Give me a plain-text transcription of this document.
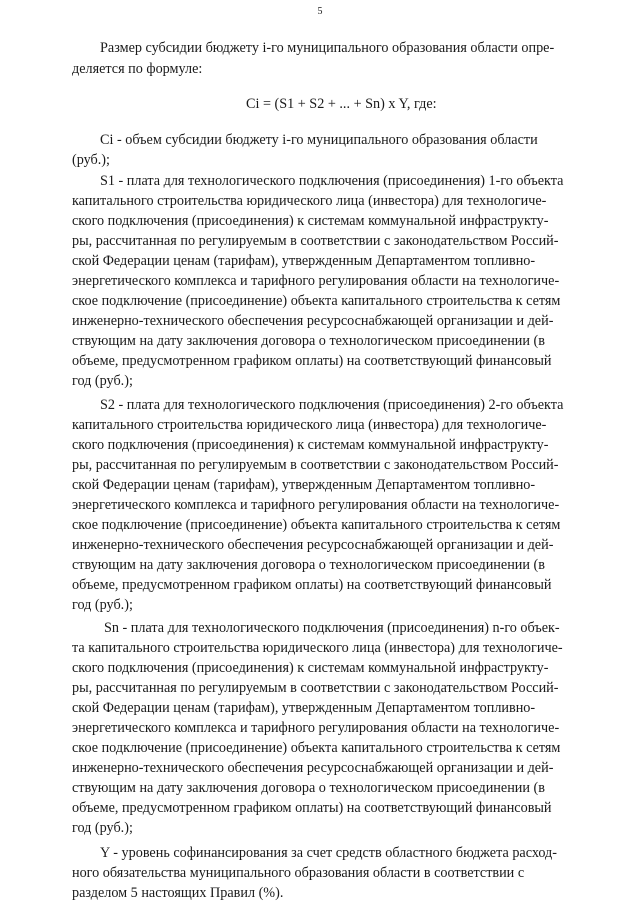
5
Размер субсидии бюджету i-го муниципального образования области опре-
деляется по формуле:
Ci = (S1 + S2 + ... + Sn) x Y, где:
Ci - объем субсидии бюджету i-го муниципального образования области
(руб.);
S1 - плата для технологического подключения (присоединения) 1-го объекта
капитального строительства юридического лица (инвестора) для технологиче-
ского подключения (присоединения) к системам коммунальной инфраструкту-
ры, рассчитанная по регулируемым в соответствии с законодательством Россий-
ской Федерации ценам (тарифам), утвержденным Департаментом топливно-
энергетического комплекса и тарифного регулирования области на технологиче-
ское подключение (присоединение) объекта капитального строительства к сетям
инженерно-технического обеспечения ресурсоснабжающей организации и дей-
ствующим на дату заключения договора о технологическом присоединении (в
объеме, предусмотренном графиком оплаты) на соответствующий финансовый
год (руб.);
S2 - плата для технологического подключения (присоединения) 2-го объекта
капитального строительства юридического лица (инвестора) для технологиче-
ского подключения (присоединения) к системам коммунальной инфраструкту-
ры, рассчитанная по регулируемым в соответствии с законодательством Россий-
ской Федерации ценам (тарифам), утвержденным Департаментом топливно-
энергетического комплекса и тарифного регулирования области на технологиче-
ское подключение (присоединение) объекта капитального строительства к сетям
инженерно-технического обеспечения ресурсоснабжающей организации и дей-
ствующим на дату заключения договора о технологическом присоединении (в
объеме, предусмотренном графиком оплаты) на соответствующий финансовый
год (руб.);
Sn - плата для технологического подключения (присоединения) n-го объек-
та капитального строительства юридического лица (инвестора) для технологиче-
ского подключения (присоединения) к системам коммунальной инфраструкту-
ры, рассчитанная по регулируемым в соответствии с законодательством Россий-
ской Федерации ценам (тарифам), утвержденным Департаментом топливно-
энергетического комплекса и тарифного регулирования области на технологиче-
ское подключение (присоединение) объекта капитального строительства к сетям
инженерно-технического обеспечения ресурсоснабжающей организации и дей-
ствующим на дату заключения договора о технологическом присоединении (в
объеме, предусмотренном графиком оплаты) на соответствующий финансовый
год (руб.);
Y - уровень софинансирования за счет средств областного бюджета расход-
ного обязательства муниципального образования области в соответствии с
разделом 5 настоящих Правил (%).
